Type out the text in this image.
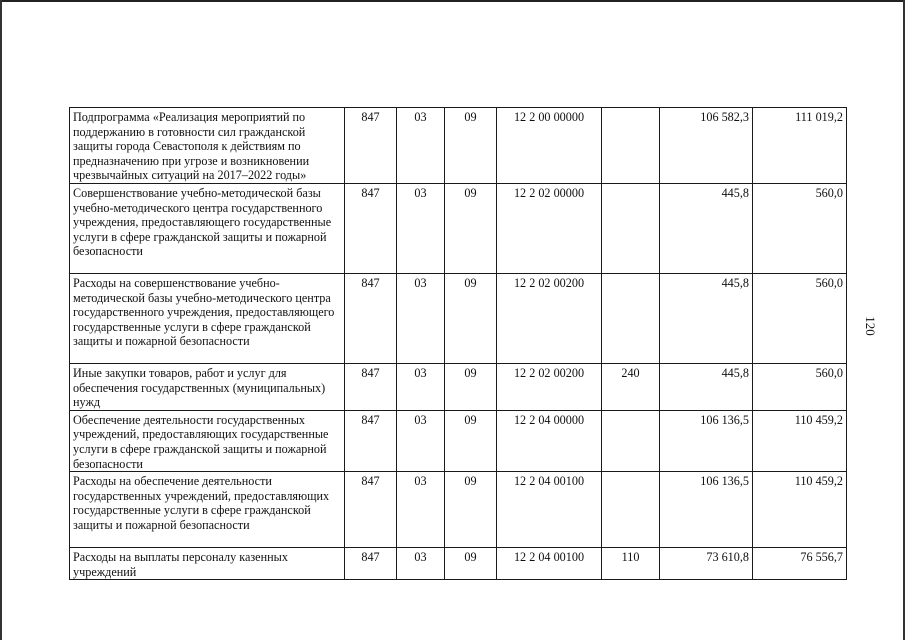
120
Подпрограмма «Реализация мероприятий по поддержанию в готовности сил гражданской защиты города Севастополя к действиям по предназначению при угрозе и возникновении чрезвычайных ситуаций на 2017–2022 годы»	847	03	09	12 2 00 00000		106 582,3	111 019,2
Совершенствование учебно-методической базы учебно-методического центра государственного учреждения, предоставляющего государственные услуги в сфере гражданской защиты и пожарной безопасности	847	03	09	12 2 02 00000		445,8	560,0
Расходы на совершенствование учебно-методической базы учебно-методического центра государственного учреждения, предоставляющего государственные услуги в сфере гражданской защиты и пожарной безопасности	847	03	09	12 2 02 00200		445,8	560,0
Иные закупки товаров, работ и услуг для обеспечения государственных (муниципальных) нужд	847	03	09	12 2 02 00200	240	445,8	560,0
Обеспечение деятельности государственных учреждений, предоставляющих государственные услуги в сфере гражданской защиты и пожарной безопасности	847	03	09	12 2 04 00000		106 136,5	110 459,2
Расходы на обеспечение деятельности государственных учреждений, предоставляющих государственные услуги в сфере гражданской защиты и пожарной безопасности	847	03	09	12 2 04 00100		106 136,5	110 459,2
Расходы на выплаты персоналу казенных учреждений	847	03	09	12 2 04 00100	110	73 610,8	76 556,7
